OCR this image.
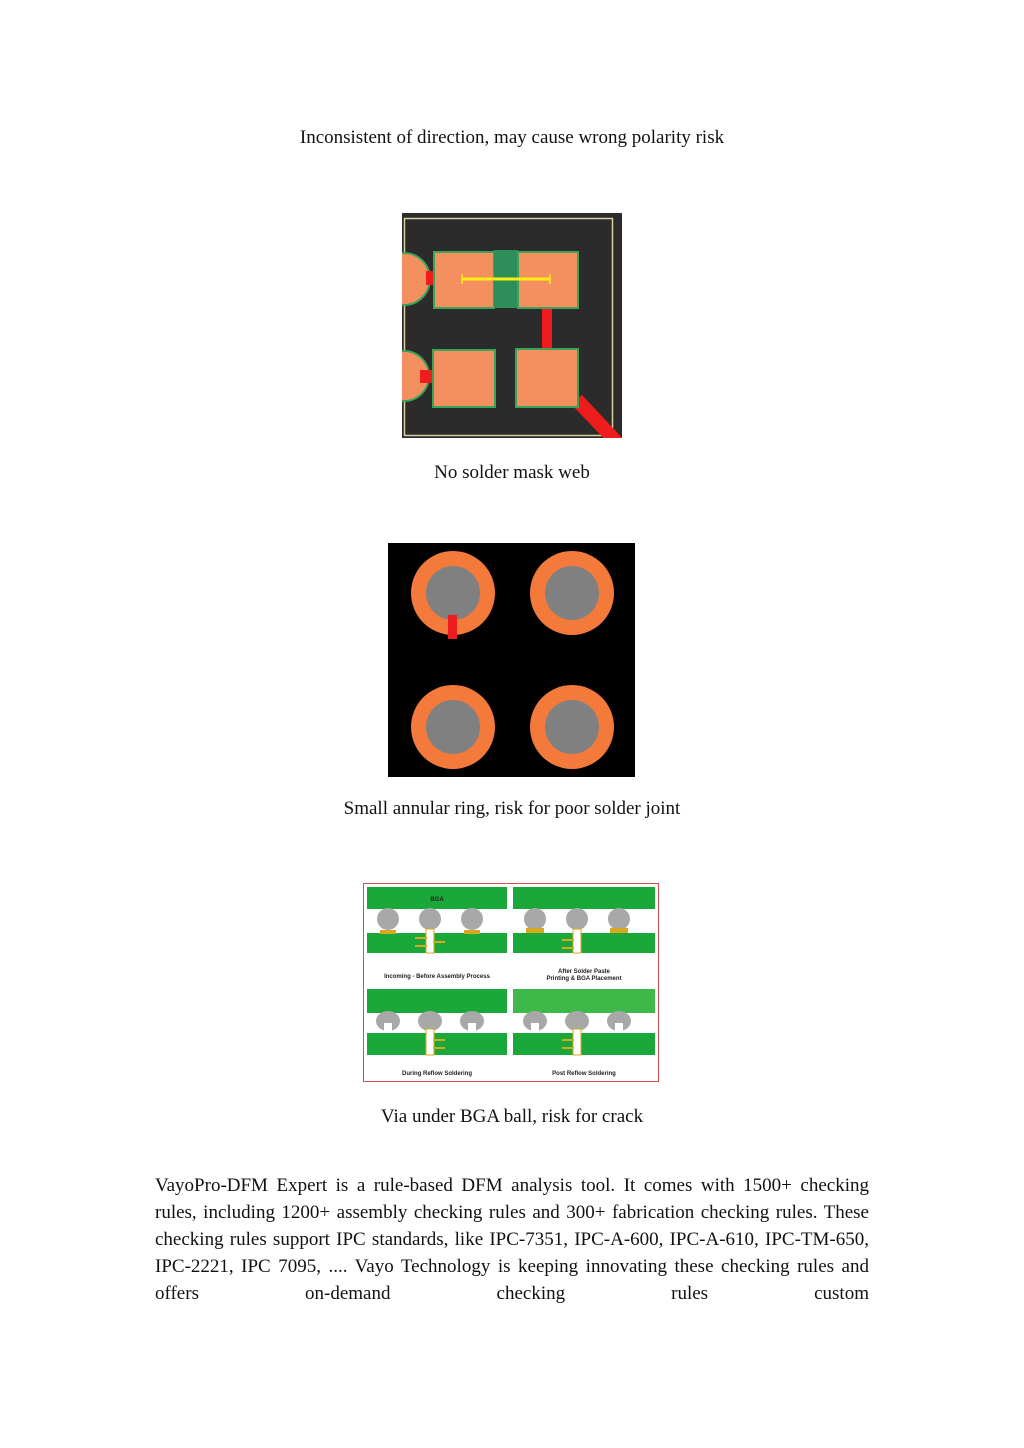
Inconsistent of direction, may cause wrong polarity risk
No solder mask web
Small annular ring, risk for poor solder joint
BGA
Incoming - Before Assembly Process
After Solder Paste
Printing & BGA Placement
During Reflow Soldering	Post Reflow Soldering
Via under BGA ball, risk for crack

VayoPro-DFM Expert is a rule-based DFM analysis tool. It comes with 1500+ checking rules, including 1200+ assembly checking rules and 300+ fabrication checking rules. These checking rules support IPC standards, like IPC-7351, IPC-A-600, IPC-A-610, IPC-TM-650, IPC-2221, IPC 7095, .... Vayo Technology is keeping innovating these checking rules and offers on-demand checking rules custom
